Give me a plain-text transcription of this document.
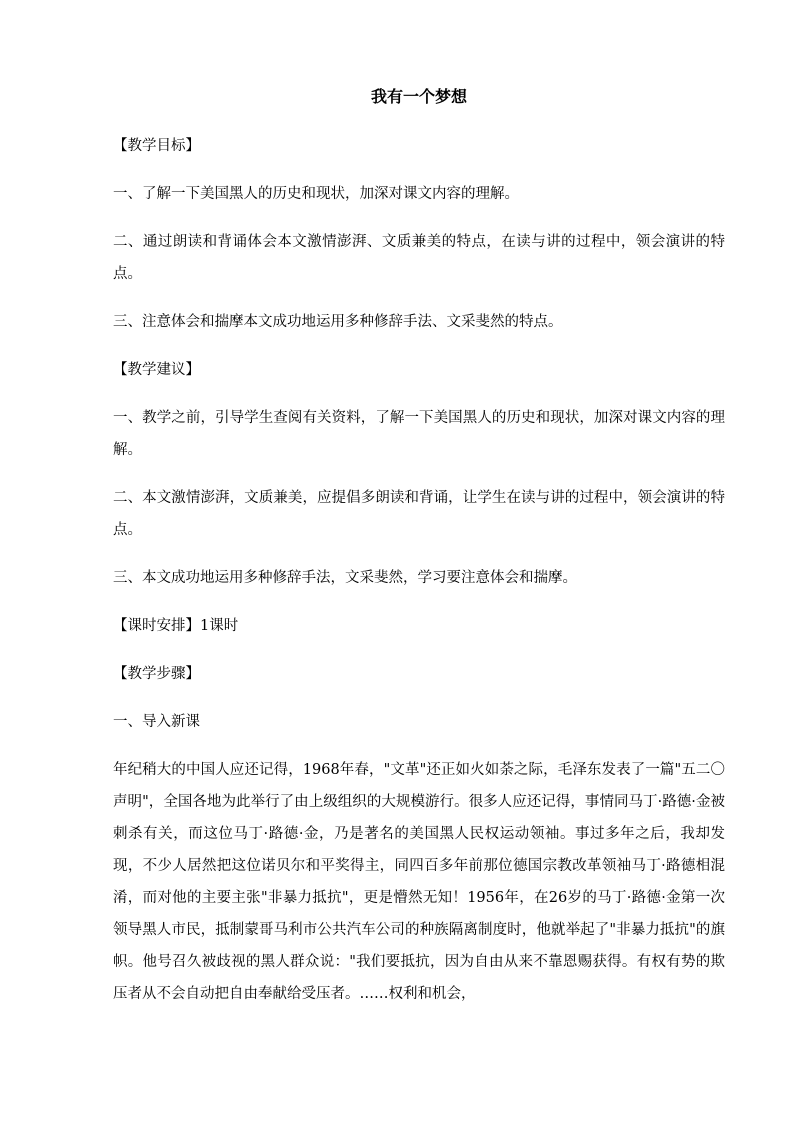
我有一个梦想

【教学目标】

一、了解一下美国黑人的历史和现状，加深对课文内容的理解。

二、通过朗读和背诵体会本文激情澎湃、文质兼美的特点，在读与讲的过程中，领会演讲的特点。

三、注意体会和揣摩本文成功地运用多种修辞手法、文采斐然的特点。

【教学建议】

一、教学之前，引导学生查阅有关资料，了解一下美国黑人的历史和现状，加深对课文内容的理解。

二、本文激情澎湃，文质兼美，应提倡多朗读和背诵，让学生在读与讲的过程中，领会演讲的特点。

三、本文成功地运用多种修辞手法，文采斐然，学习要注意体会和揣摩。

【课时安排】1课时

【教学步骤】

一、导入新课

年纪稍大的中国人应还记得，1968年春，"文革"还正如火如荼之际，毛泽东发表了一篇"五二〇声明"，全国各地为此举行了由上级组织的大规模游行。很多人应还记得，事情同马丁·路德·金被刺杀有关，而这位马丁·路德·金，乃是著名的美国黑人民权运动领袖。事过多年之后，我却发现，不少人居然把这位诺贝尔和平奖得主，同四百多年前那位德国宗教改革领袖马丁·路德相混淆，而对他的主要主张"非暴力抵抗"，更是懵然无知！1956年，在26岁的马丁·路德·金第一次领导黑人市民，抵制蒙哥马利市公共汽车公司的种族隔离制度时，他就举起了"非暴力抵抗"的旗帜。他号召久被歧视的黑人群众说："我们要抵抗，因为自由从来不靠恩赐获得。有权有势的欺压者从不会自动把自由奉献给受压者。……权利和机会，
